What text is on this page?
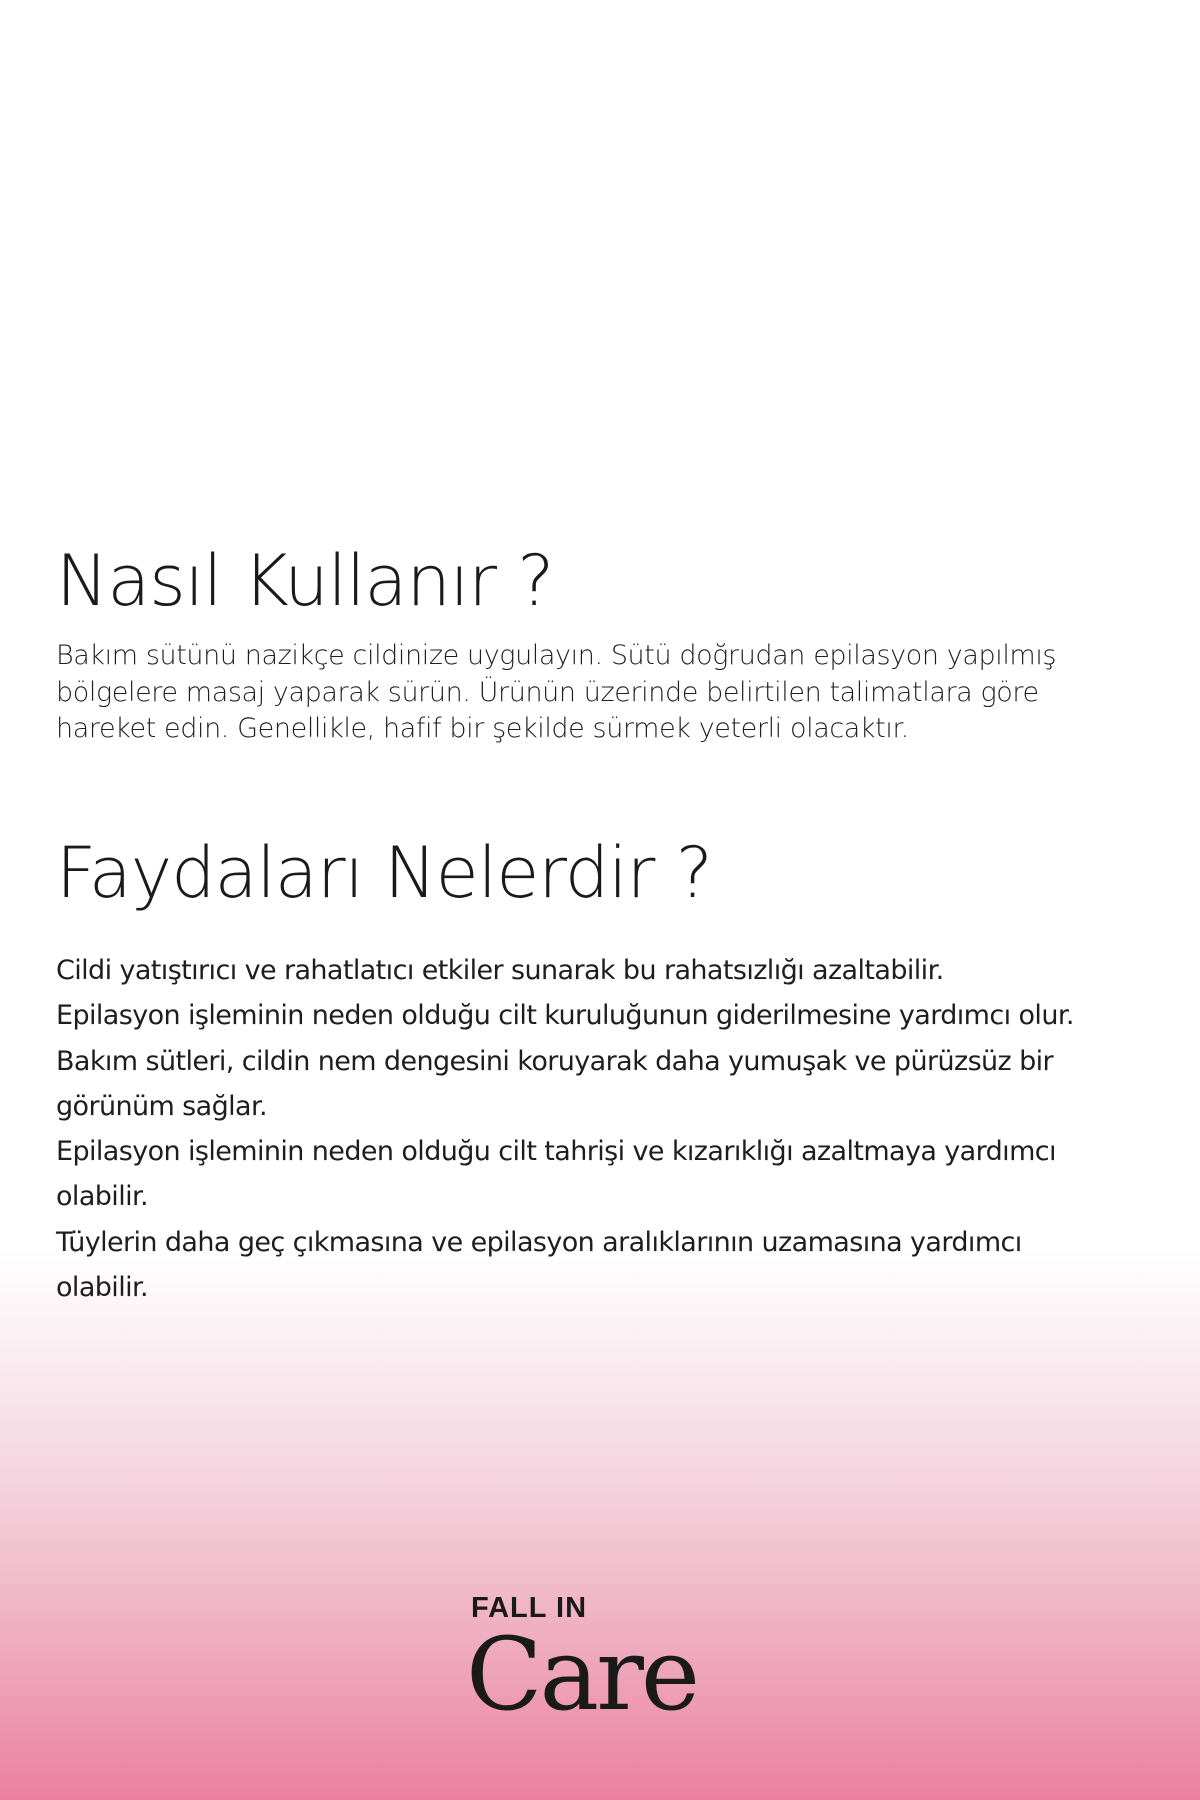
Nasıl Kullanır ?
Bakım sütünü nazikçe cildinize uygulayın. Sütü doğrudan epilasyon yapılmış
bölgelere masaj yaparak sürün. Ürünün üzerinde belirtilen talimatlara göre
hareket edin. Genellikle, hafif bir şekilde sürmek yeterli olacaktır.
Faydaları Nelerdir ?
Cildi yatıştırıcı ve rahatlatıcı etkiler sunarak bu rahatsızlığı azaltabilir.
Epilasyon işleminin neden olduğu cilt kuruluğunun giderilmesine yardımcı olur.
Bakım sütleri, cildin nem dengesini koruyarak daha yumuşak ve pürüzsüz bir
görünüm sağlar.
Epilasyon işleminin neden olduğu cilt tahrişi ve kızarıklığı azaltmaya yardımcı
olabilir.
Tüylerin daha geç çıkmasına ve epilasyon aralıklarının uzamasına yardımcı
olabilir.
FALL IN
Care
